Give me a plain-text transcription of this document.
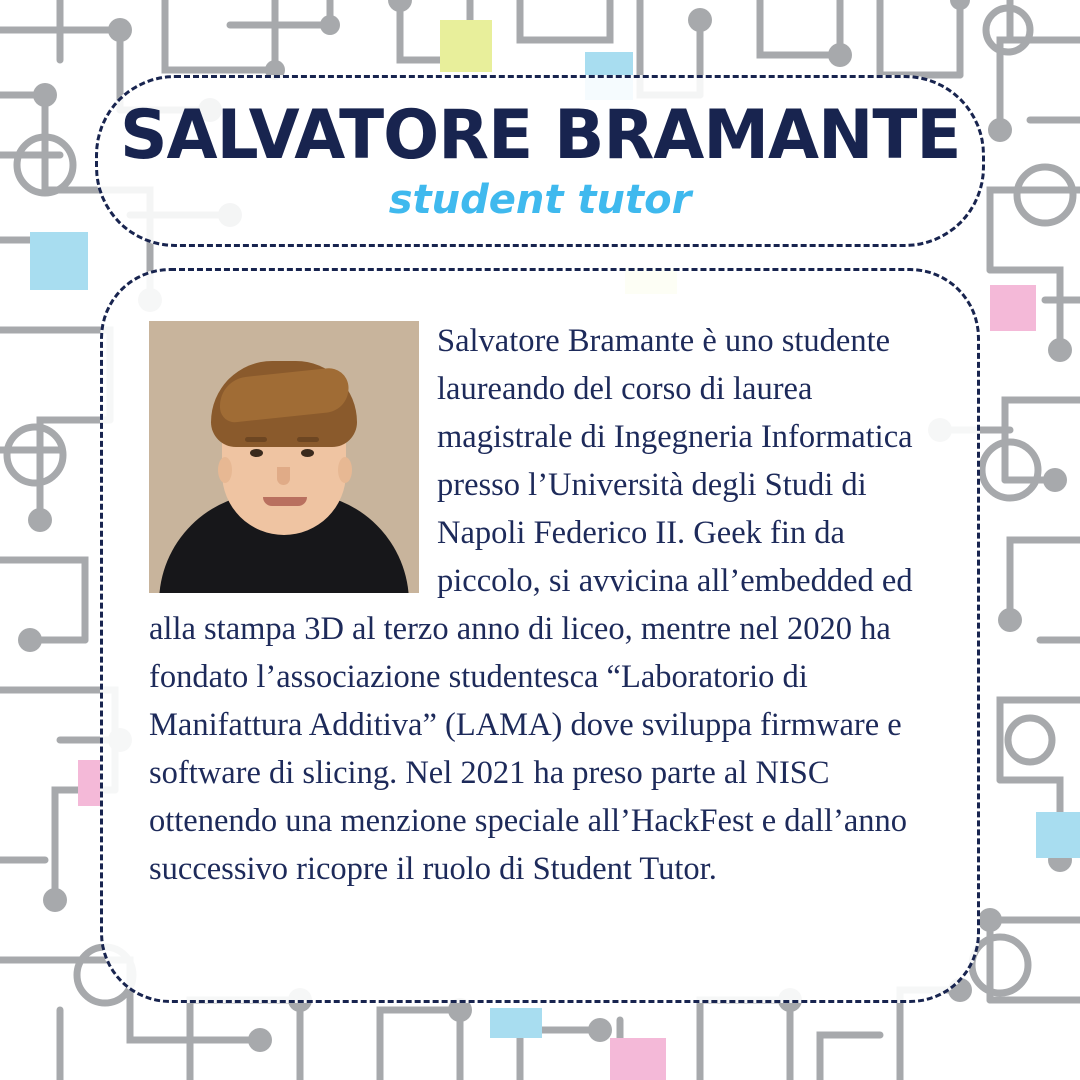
SALVATORE BRAMANTE
student tutor

Salvatore Bramante è uno studente laureando del corso di laurea magistrale di Ingegneria Informatica presso l’Università degli Studi di Napoli Federico II. Geek fin da piccolo, si avvicina all’embedded ed alla stampa 3D al terzo anno di liceo, mentre nel 2020 ha fondato l’associazione studentesca “Laboratorio di Manifattura Additiva” (LAMA) dove sviluppa firmware e software di slicing. Nel 2021 ha preso parte al NISC ottenendo una menzione speciale all’HackFest e dall’anno successivo ricopre il ruolo di Student Tutor.
